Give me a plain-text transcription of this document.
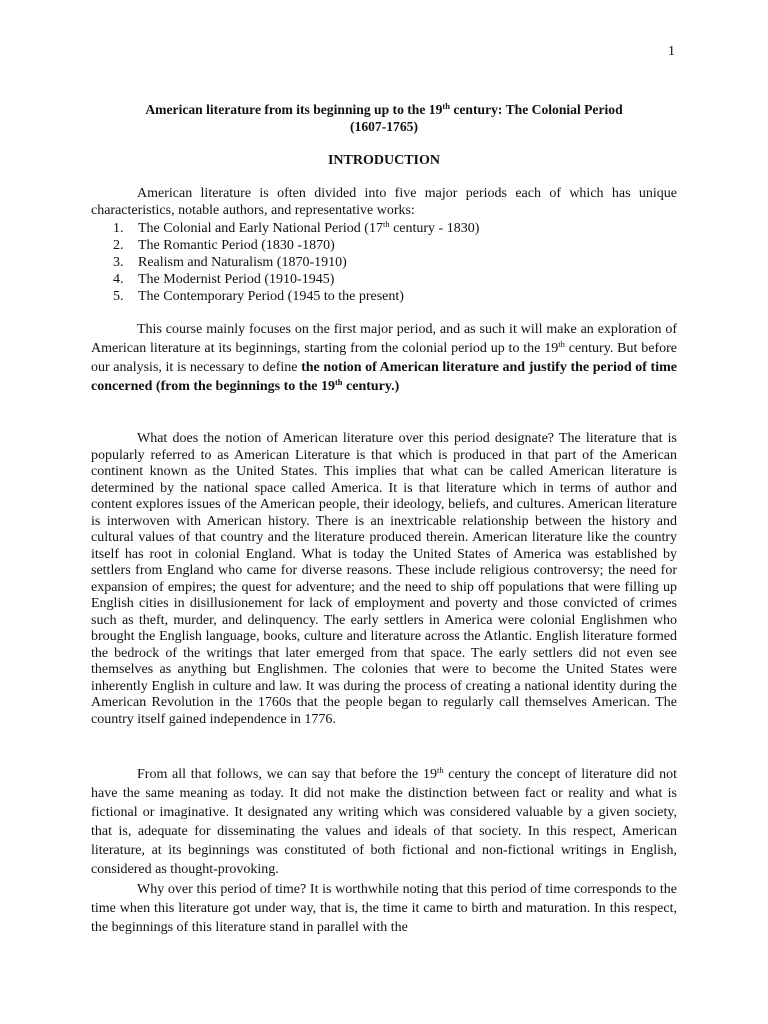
1
American literature from its beginning up to the 19th century: The Colonial Period
(1607-1765)
INTRODUCTION
American literature is often divided into five major periods each of which has unique characteristics, notable authors, and representative works:
1. The Colonial and Early National Period (17th century - 1830)
2. The Romantic Period (1830 -1870)
3. Realism and Naturalism (1870-1910)
4. The Modernist Period (1910-1945)
5. The Contemporary Period (1945 to the present)
This course mainly focuses on the first major period, and as such it will make an exploration of American literature at its beginnings, starting from the colonial period up to the 19th century. But before our analysis, it is necessary to define the notion of American literature and justify the period of time concerned (from the beginnings to the 19th century.)
What does the notion of American literature over this period designate? The literature that is popularly referred to as American Literature is that which is produced in that part of the American continent known as the United States. This implies that what can be called American literature is determined by the national space called America. It is that literature which in terms of author and content explores issues of the American people, their ideology, beliefs, and cultures. American literature is interwoven with American history. There is an inextricable relationship between the history and cultural values of that country and the literature produced therein. American literature like the country itself has root in colonial England. What is today the United States of America was established by settlers from England who came for diverse reasons. These include religious controversy; the need for expansion of empires; the quest for adventure; and the need to ship off populations that were filling up English cities in disillusionement for lack of employment and poverty and those convicted of crimes such as theft, murder, and delinquency. The early settlers in America were colonial Englishmen who brought the English language, books, culture and literature across the Atlantic. English literature formed the bedrock of the writings that later emerged from that space. The early settlers did not even see themselves as anything but Englishmen. The colonies that were to become the United States were inherently English in culture and law. It was during the process of creating a national identity during the American Revolution in the 1760s that the people began to regularly call themselves American. The country itself gained independence in 1776.
From all that follows, we can say that before the 19th century the concept of literature did not have the same meaning as today. It did not make the distinction between fact or reality and what is fictional or imaginative. It designated any writing which was considered valuable by a given society, that is, adequate for disseminating the values and ideals of that society. In this respect, American literature, at its beginnings was constituted of both fictional and non-fictional writings in English, considered as thought-provoking.
Why over this period of time? It is worthwhile noting that this period of time corresponds to the time when this literature got under way, that is, the time it came to birth and maturation. In this respect, the beginnings of this literature stand in parallel with the
